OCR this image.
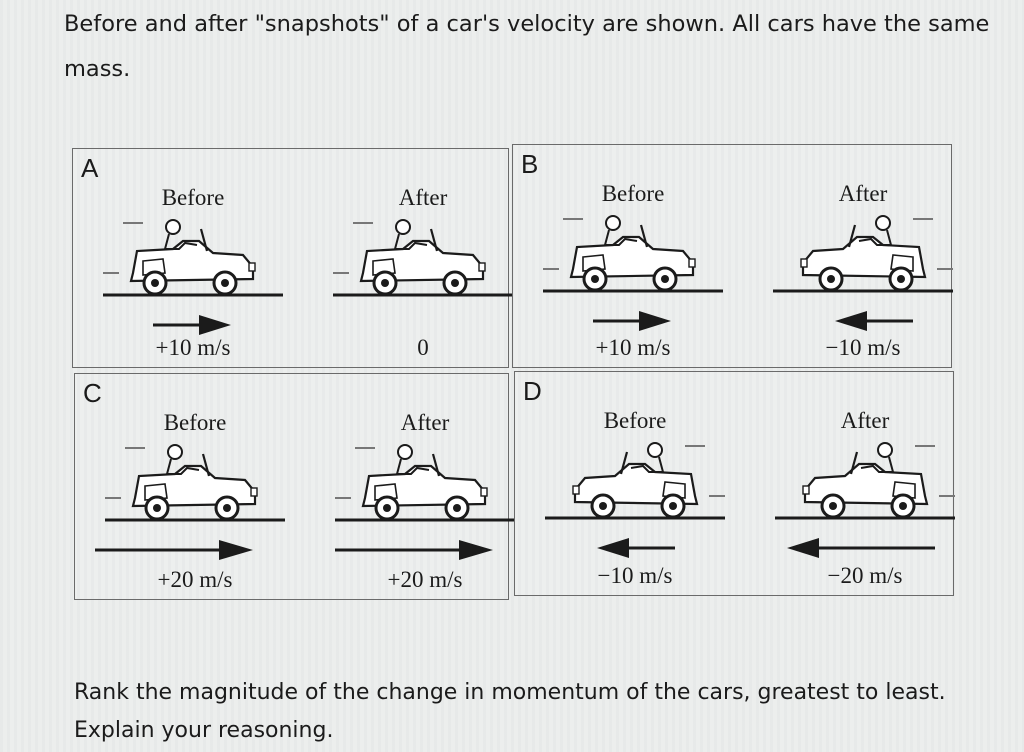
Before and after "snapshots" of a car's velocity are shown. All cars have the same mass.

A
Before
+10 m/s
After
0
B
Before
+10 m/s
After
−10 m/s
C
Before
+20 m/s
After
+20 m/s
D
Before
−10 m/s
After
−20 m/s

Rank the magnitude of the change in momentum of the cars, greatest to least. Explain your reasoning.
